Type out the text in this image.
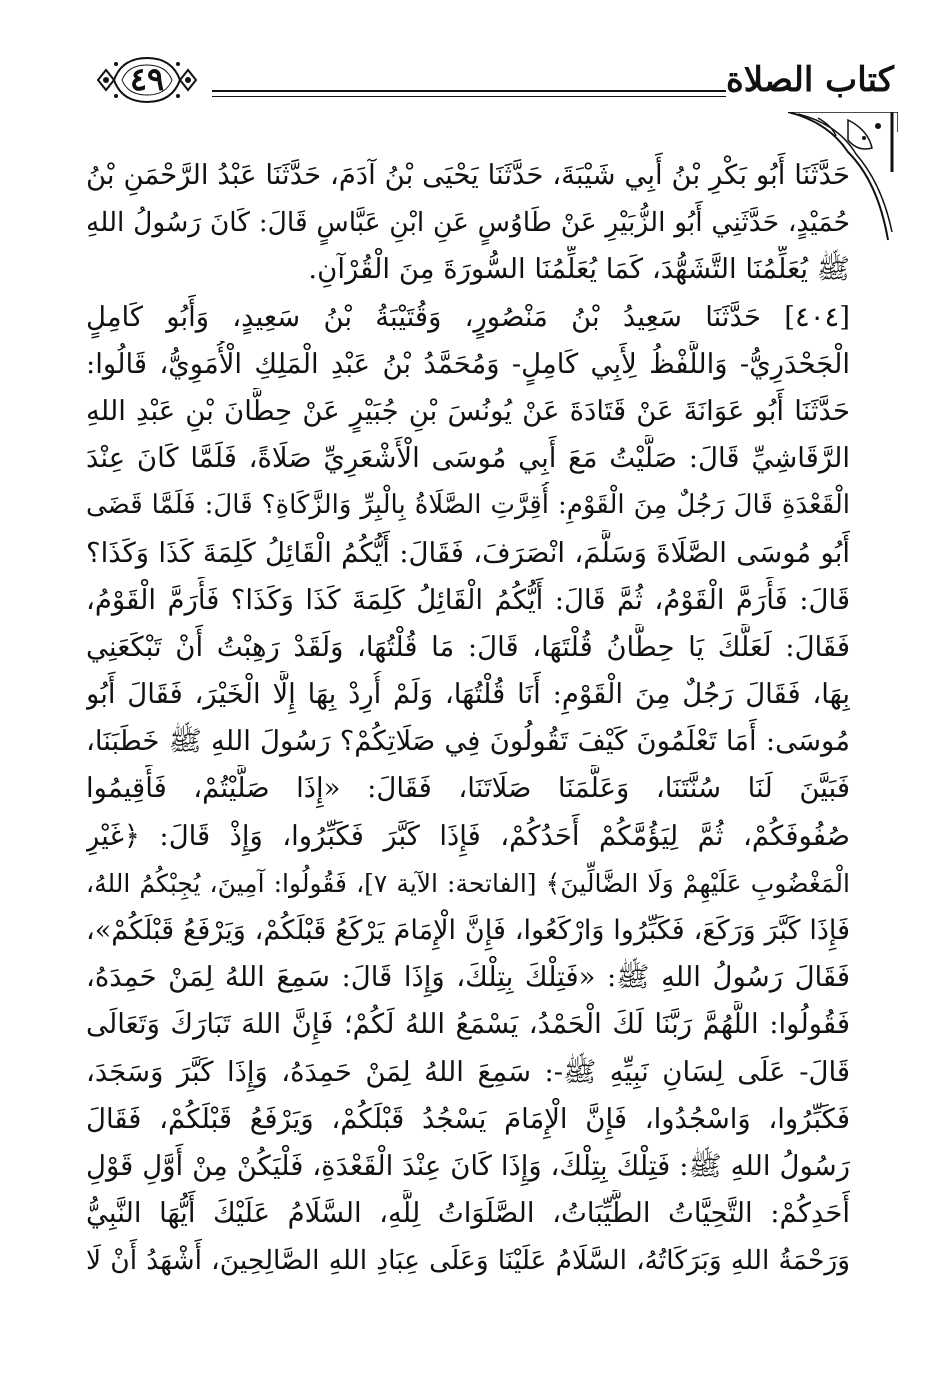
كتاب الصلاة
٤٩
حَدَّثَنَا أَبُو بَكْرِ بْنُ أَبِي شَيْبَةَ، حَدَّثَنَا يَحْيَى بْنُ آدَمَ، حَدَّثَنَا عَبْدُ الرَّحْمَنِ بْنُ
حُمَيْدٍ، حَدَّثَنِي أَبُو الزُّبَيْرِ عَنْ طَاوُسٍ عَنِ ابْنِ عَبَّاسٍ قَالَ: كَانَ رَسُولُ اللهِ
ﷺ يُعَلِّمُنَا التَّشَهُّدَ، كَمَا يُعَلِّمُنَا السُّورَةَ مِنَ الْقُرْآنِ.
[٤٠٤] حَدَّثَنَا سَعِيدُ بْنُ مَنْصُورٍ، وَقُتَيْبَةُ بْنُ سَعِيدٍ، وَأَبُو كَامِلٍ
الْجَحْدَرِيُّ- وَاللَّفْظُ لِأَبِي كَامِلٍ- وَمُحَمَّدُ بْنُ عَبْدِ الْمَلِكِ الْأُمَوِيُّ، قَالُوا:
حَدَّثَنَا أَبُو عَوَانَةَ عَنْ قَتَادَةَ عَنْ يُونُسَ بْنِ جُبَيْرٍ عَنْ حِطَّانَ بْنِ عَبْدِ اللهِ
الرَّقَاشِيِّ قَالَ: صَلَّيْتُ مَعَ أَبِي مُوسَى الْأَشْعَرِيِّ صَلَاةً، فَلَمَّا كَانَ عِنْدَ
الْقَعْدَةِ قَالَ رَجُلٌ مِنَ الْقَوْمِ: أُقِرَّتِ الصَّلَاةُ بِالْبِرِّ وَالزَّكَاةِ؟ قَالَ: فَلَمَّا قَضَى
أَبُو مُوسَى الصَّلَاةَ وَسَلَّمَ، انْصَرَفَ، فَقَالَ: أَيُّكُمُ الْقَائِلُ كَلِمَةَ كَذَا وَكَذَا؟
قَالَ: فَأَرَمَّ الْقَوْمُ، ثُمَّ قَالَ: أَيُّكُمُ الْقَائِلُ كَلِمَةَ كَذَا وَكَذَا؟ فَأَرَمَّ الْقَوْمُ،
فَقَالَ: لَعَلَّكَ يَا حِطَّانُ قُلْتَهَا، قَالَ: مَا قُلْتُهَا، وَلَقَدْ رَهِبْتُ أَنْ تَبْكَعَنِي
بِهَا، فَقَالَ رَجُلٌ مِنَ الْقَوْمِ: أَنَا قُلْتُهَا، وَلَمْ أُرِدْ بِهَا إِلَّا الْخَيْرَ، فَقَالَ أَبُو
مُوسَى: أَمَا تَعْلَمُونَ كَيْفَ تَقُولُونَ فِي صَلَاتِكُمْ؟ رَسُولَ اللهِ ﷺ خَطَبَنَا،
فَبَيَّنَ لَنَا سُنَّتَنَا، وَعَلَّمَنَا صَلَاتَنَا، فَقَالَ: «إِذَا صَلَّيْتُمْ، فَأَقِيمُوا
صُفُوفَكُمْ، ثُمَّ لِيَؤُمَّكُمْ أَحَدُكُمْ، فَإِذَا كَبَّرَ فَكَبِّرُوا، وَإِذْ قَالَ: ﴿غَيْرِ
الْمَغْضُوبِ عَلَيْهِمْ وَلَا الضَّالِّينَ﴾ [الفاتحة: الآية ٧]، فَقُولُوا: آمِينَ، يُجِبْكُمُ اللهُ،
فَإِذَا كَبَّرَ وَرَكَعَ، فَكَبِّرُوا وَارْكَعُوا، فَإِنَّ الْإِمَامَ يَرْكَعُ قَبْلَكُمْ، وَيَرْفَعُ قَبْلَكُمْ»،
فَقَالَ رَسُولُ اللهِ ﷺ: «فَتِلْكَ بِتِلْكَ، وَإِذَا قَالَ: سَمِعَ اللهُ لِمَنْ حَمِدَهُ،
فَقُولُوا: اللَّهُمَّ رَبَّنَا لَكَ الْحَمْدُ، يَسْمَعُ اللهُ لَكُمْ؛ فَإِنَّ اللهَ تَبَارَكَ وَتَعَالَى
قَالَ- عَلَى لِسَانِ نَبِيِّهِ ﷺ-: سَمِعَ اللهُ لِمَنْ حَمِدَهُ، وَإِذَا كَبَّرَ وَسَجَدَ،
فَكَبِّرُوا، وَاسْجُدُوا، فَإِنَّ الْإِمَامَ يَسْجُدُ قَبْلَكُمْ، وَيَرْفَعُ قَبْلَكُمْ، فَقَالَ
رَسُولُ اللهِ ﷺ: فَتِلْكَ بِتِلْكَ، وَإِذَا كَانَ عِنْدَ الْقَعْدَةِ، فَلْيَكُنْ مِنْ أَوَّلِ قَوْلِ
أَحَدِكُمْ: التَّحِيَّاتُ الطَّيِّبَاتُ، الصَّلَوَاتُ لِلَّهِ، السَّلَامُ عَلَيْكَ أَيُّهَا النَّبِيُّ
وَرَحْمَةُ اللهِ وَبَرَكَاتُهُ، السَّلَامُ عَلَيْنَا وَعَلَى عِبَادِ اللهِ الصَّالِحِينَ، أَشْهَدُ أَنْ لَا
